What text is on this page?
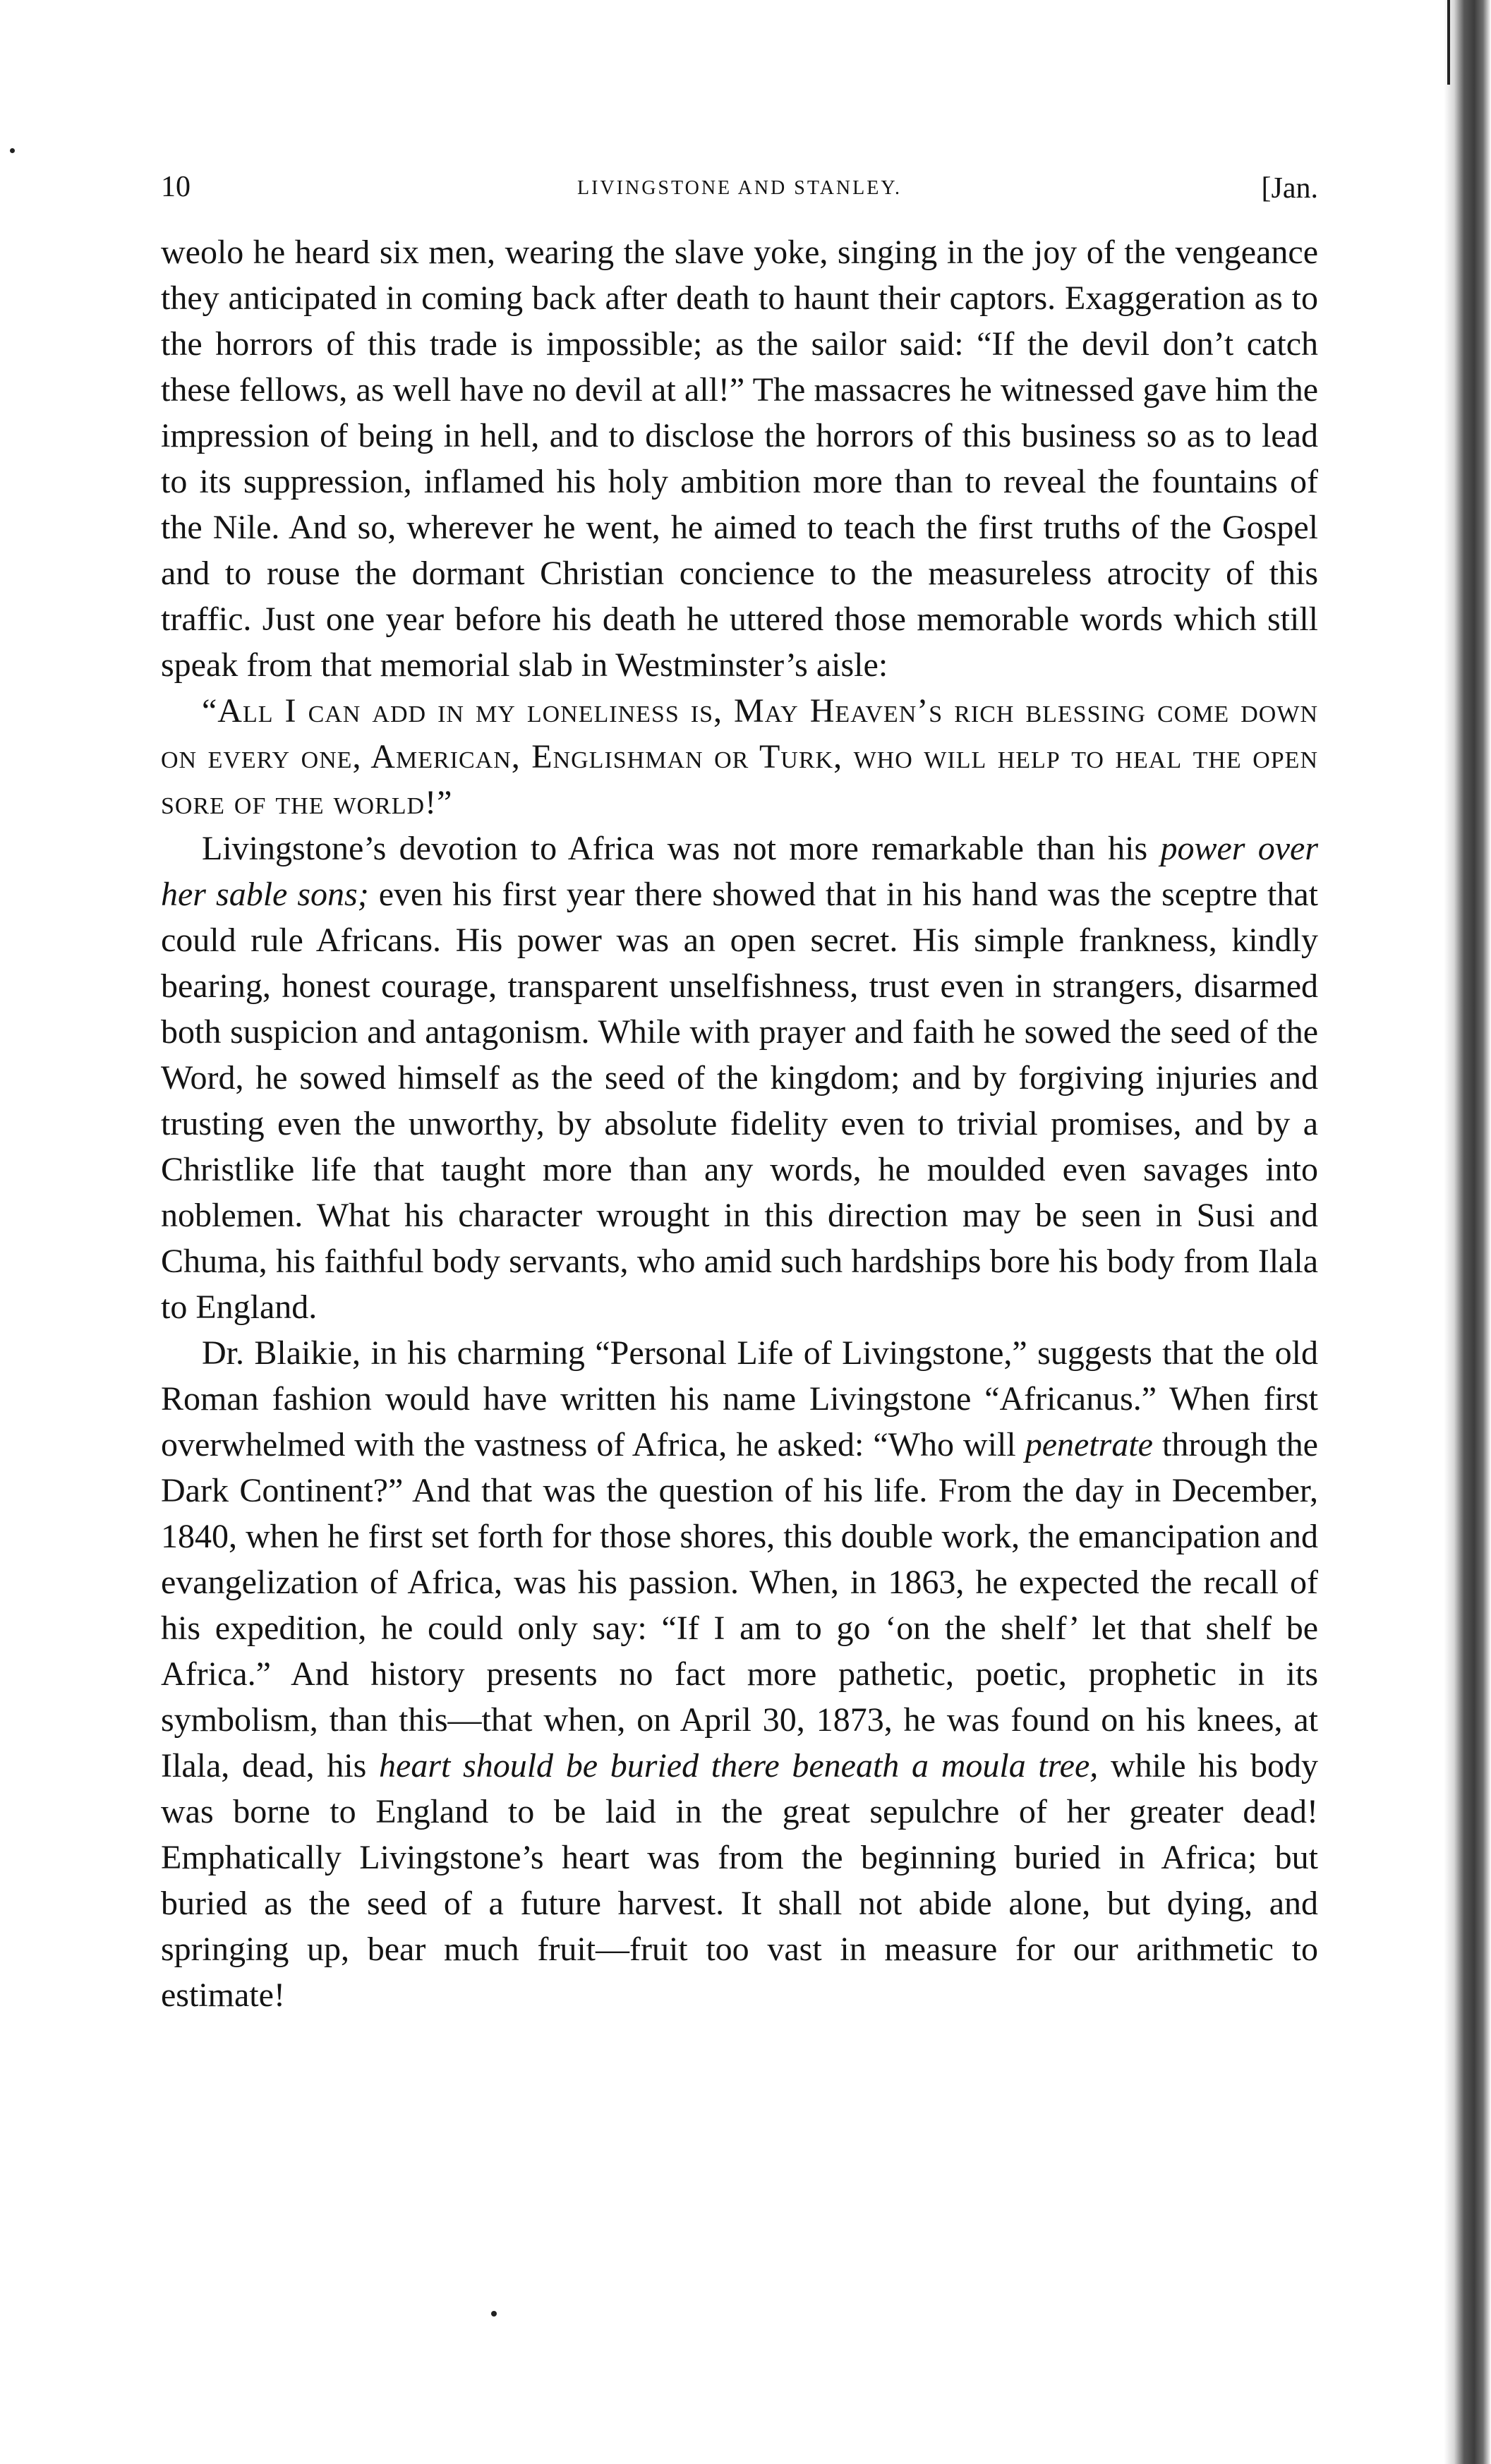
10	LIVINGSTONE AND STANLEY.	[Jan.

weolo he heard six men, wearing the slave yoke, singing in the joy of the vengeance they anticipated in coming back after death to haunt their captors. Exaggeration as to the horrors of this trade is impossible; as the sailor said: “If the devil don’t catch these fellows, as well have no devil at all!” The massacres he witnessed gave him the impression of being in hell, and to disclose the horrors of this business so as to lead to its suppression, inflamed his holy ambition more than to reveal the fountains of the Nile. And so, wherever he went, he aimed to teach the first truths of the Gospel and to rouse the dormant Christian concience to the measureless atrocity of this traffic. Just one year before his death he uttered those memorable words which still speak from that memorial slab in Westminster’s aisle:

“All I can add in my loneliness is, May Heaven’s rich blessing come down on every one, American, Englishman or Turk, who will help to heal the open sore of the world!”

Livingstone’s devotion to Africa was not more remarkable than his power over her sable sons; even his first year there showed that in his hand was the sceptre that could rule Africans. His power was an open secret. His simple frankness, kindly bearing, honest courage, transparent unselfishness, trust even in strangers, disarmed both suspicion and antagonism. While with prayer and faith he sowed the seed of the Word, he sowed himself as the seed of the kingdom; and by forgiving injuries and trusting even the unworthy, by absolute fidelity even to trivial promises, and by a Christlike life that taught more than any words, he moulded even savages into noblemen. What his character wrought in this direction may be seen in Susi and Chuma, his faithful body servants, who amid such hardships bore his body from Ilala to England.

Dr. Blaikie, in his charming “Personal Life of Livingstone,” suggests that the old Roman fashion would have written his name Livingstone “Africanus.” When first overwhelmed with the vastness of Africa, he asked: “Who will penetrate through the Dark Continent?” And that was the question of his life. From the day in December, 1840, when he first set forth for those shores, this double work, the emancipation and evangelization of Africa, was his passion. When, in 1863, he expected the recall of his expedition, he could only say: “If I am to go ‘on the shelf’ let that shelf be Africa.” And history presents no fact more pathetic, poetic, prophetic in its symbolism, than this—that when, on April 30, 1873, he was found on his knees, at Ilala, dead, his heart should be buried there beneath a moula tree, while his body was borne to England to be laid in the great sepulchre of her greater dead! Emphatically Livingstone’s heart was from the beginning buried in Africa; but buried as the seed of a future harvest. It shall not abide alone, but dying, and springing up, bear much fruit—fruit too vast in measure for our arithmetic to estimate!
